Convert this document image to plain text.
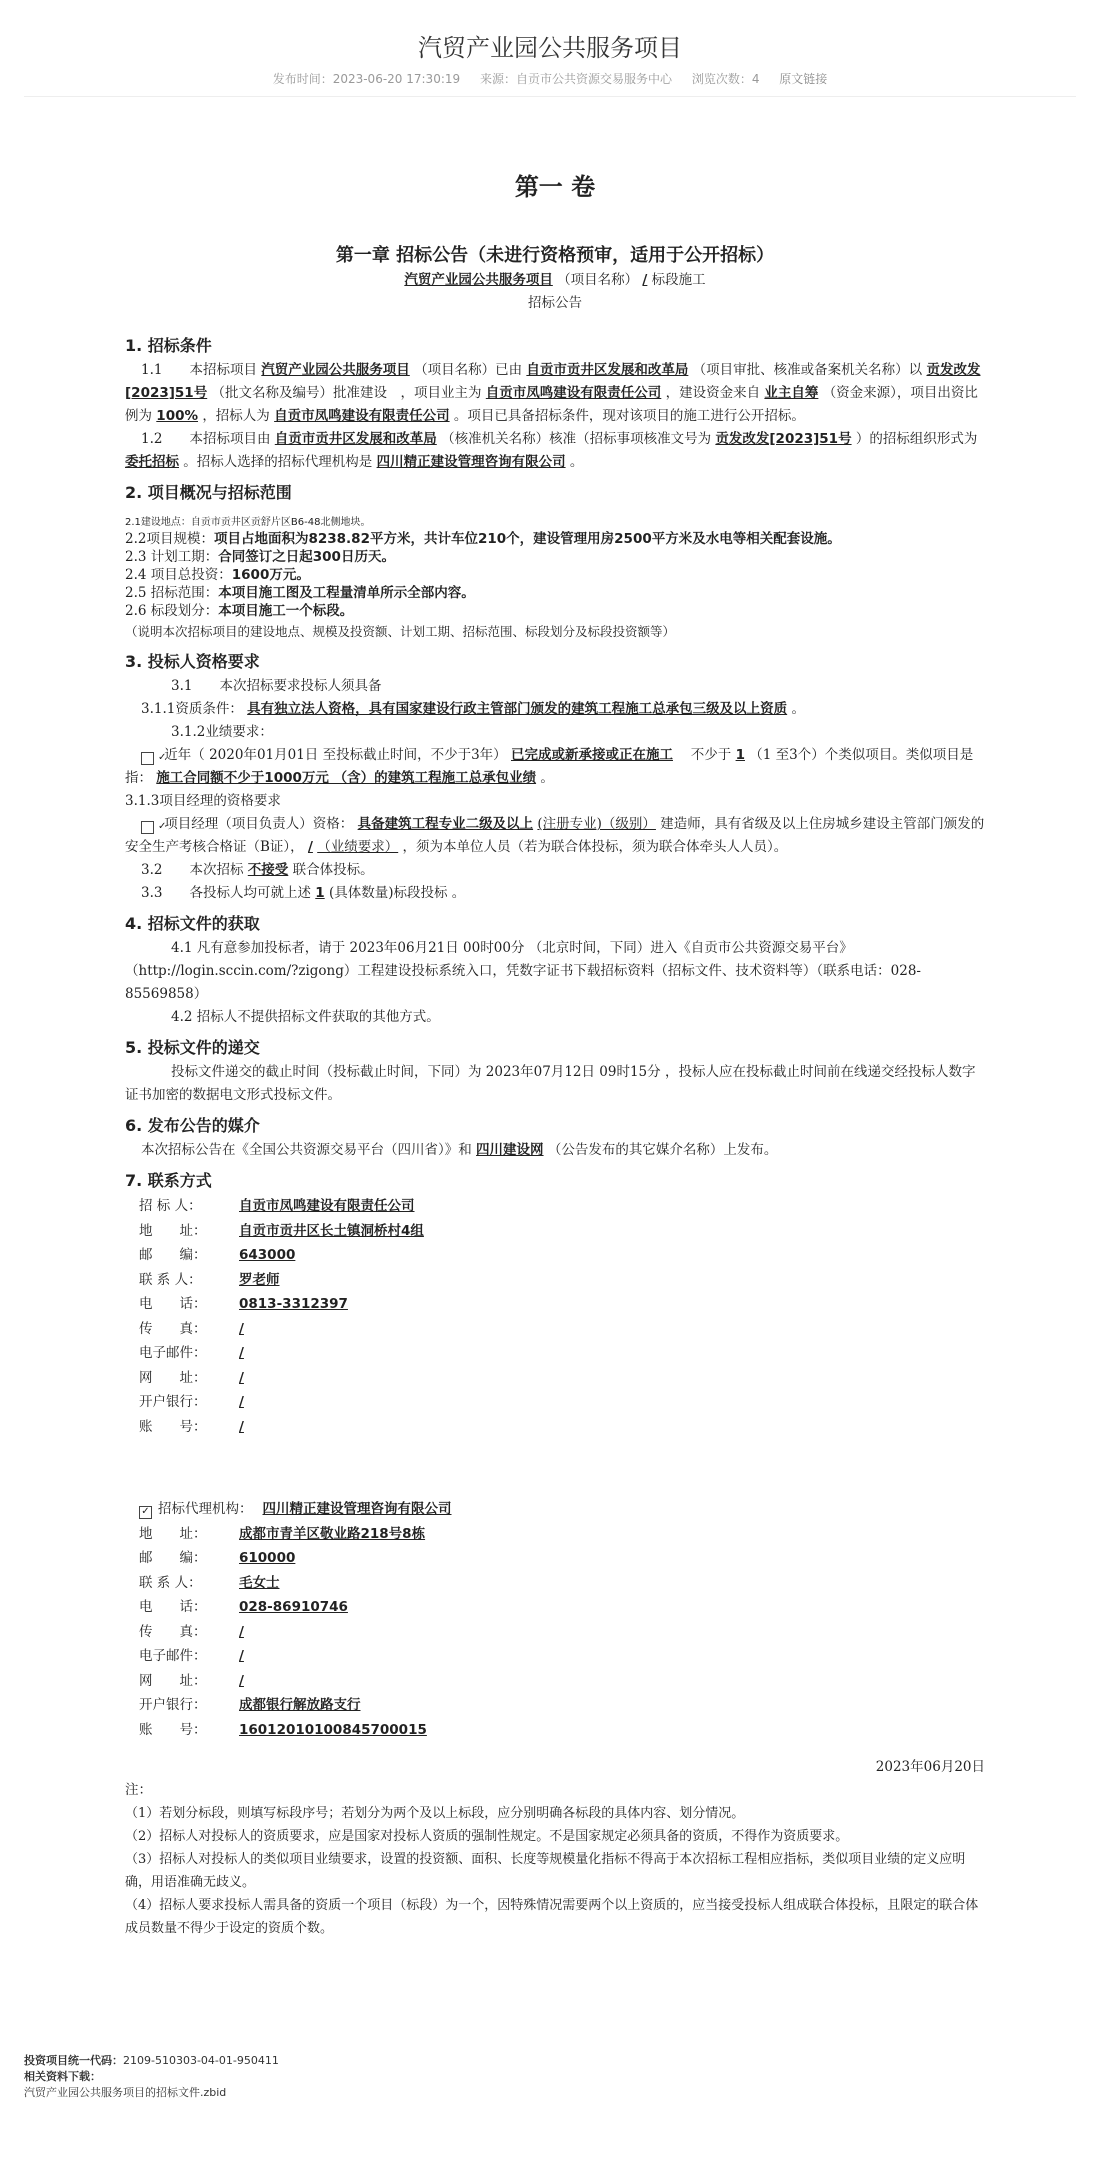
汽贸产业园公共服务项目
发布时间：2023-06-20 17:30:19 来源：自贡市公共资源交易服务中心 浏览次数：4 原文链接
第一 卷

第一章 招标公告（未进行资格预审，适用于公开招标）

汽贸产业园公共服务项目 （项目名称） / 标段施工

招标公告

1. 招标条件

1.1　　本招标项目 汽贸产业园公共服务项目 （项目名称）已由 自贡市贡井区发展和改革局 （项目审批、核准或备案机关名称）以 贡发改发[2023]51号 （批文名称及编号）批准建设　，项目业主为 自贡市凤鸣建设有限责任公司 ，建设资金来自 业主自筹 （资金来源），项目出资比例为 100% ，招标人为 自贡市凤鸣建设有限责任公司 。项目已具备招标条件，现对该项目的施工进行公开招标。

1.2　　本招标项目由 自贡市贡井区发展和改革局 （核准机关名称）核准（招标事项核准文号为 贡发改发[2023]51号 ）的招标组织形式为 委托招标 。招标人选择的招标代理机构是 四川精正建设管理咨询有限公司 。

2. 项目概况与招标范围

2.1建设地点：自贡市贡井区贡舒片区B6-48北侧地块。

2.2项目规模：项目占地面积为8238.82平方米，共计车位210个，建设管理用房2500平方米及水电等相关配套设施。

2.3 计划工期：合同签订之日起300日历天。

2.4 项目总投资：1600万元。

2.5 招标范围：本项目施工图及工程量清单所示全部内容。

2.6 标段划分：本项目施工一个标段。

（说明本次招标项目的建设地点、规模及投资额、计划工期、招标范围、标段划分及标段投资额等）

3. 投标人资格要求

3.1　　本次招标要求投标人须具备

3.1.1资质条件： 具有独立法人资格，具有国家建设行政主管部门颁发的建筑工程施工总承包三级及以上资质 。

3.1.2业绩要求：

✓ 近年（ 2020年01月01日 至投标截止时间，不少于3年） 已完成或新承接或正在施工 　不少于 1 （1 至3个）个类似项目。类似项目是指： 施工合同额不少于1000万元 （含）的建筑工程施工总承包业绩 。

3.1.3项目经理的资格要求

✓ 项目经理（项目负责人）资格： 具备建筑工程专业二级及以上 (注册专业)（级别） 建造师，具有省级及以上住房城乡建设主管部门颁发的安全生产考核合格证（B证）， / （业绩要求） ，须为本单位人员（若为联合体投标，须为联合体牵头人人员）。

3.2　　本次招标 不接受 联合体投标。

3.3　　各投标人均可就上述 1 (具体数量)标段投标 。

4. 招标文件的获取

4.1 凡有意参加投标者，请于 2023年06月21日 00时00分 （北京时间，下同）进入《自贡市公共资源交易平台》（http://login.sccin.com/?zigong）工程建设投标系统入口，凭数字证书下载招标资料（招标文件、技术资料等）（联系电话：028-85569858）

4.2 招标人不提供招标文件获取的其他方式。

5. 投标文件的递交

投标文件递交的截止时间（投标截止时间，下同）为 2023年07月12日 09时15分 ，投标人应在投标截止时间前在线递交经投标人数字证书加密的数据电文形式投标文件。

6. 发布公告的媒介

本次招标公告在《全国公共资源交易平台（四川省）》和 四川建设网 （公告发布的其它媒介名称）上发布。

7. 联系方式

招 标 人：	自贡市凤鸣建设有限责任公司
地　　址： 自贡市贡井区长土镇洞桥村4组
邮　　编： 643000
联 系 人：	罗老师
电　　话： 0813-3312397
传　　真： /
电子邮件： /
网　　址： /
开户银行： /
账　　号： /
✓ 招标代理机构： 四川精正建设管理咨询有限公司
地　　址： 成都市青羊区敬业路218号8栋
邮　　编： 610000
联 系 人：	毛女士
电　　话： 028-86910746
传　　真： /
电子邮件： /
网　　址： /
开户银行： 成都银行解放路支行
账　　号： 16012010100845700015

2023年06月20日

注：

（1）若划分标段，则填写标段序号；若划分为两个及以上标段，应分别明确各标段的具体内容、划分情况。

（2）招标人对投标人的资质要求，应是国家对投标人资质的强制性规定。不是国家规定必须具备的资质，不得作为资质要求。

（3）招标人对投标人的类似项目业绩要求，设置的投资额、面积、长度等规模量化指标不得高于本次招标工程相应指标，类似项目业绩的定义应明确，用语准确无歧义。

（4）招标人要求投标人需具备的资质一个项目（标段）为一个，因特殊情况需要两个以上资质的，应当接受投标人组成联合体投标，且限定的联合体成员数量不得少于设定的资质个数。

投资项目统一代码：2109-510303-04-01-950411
相关资料下载：
汽贸产业园公共服务项目的招标文件.zbid
